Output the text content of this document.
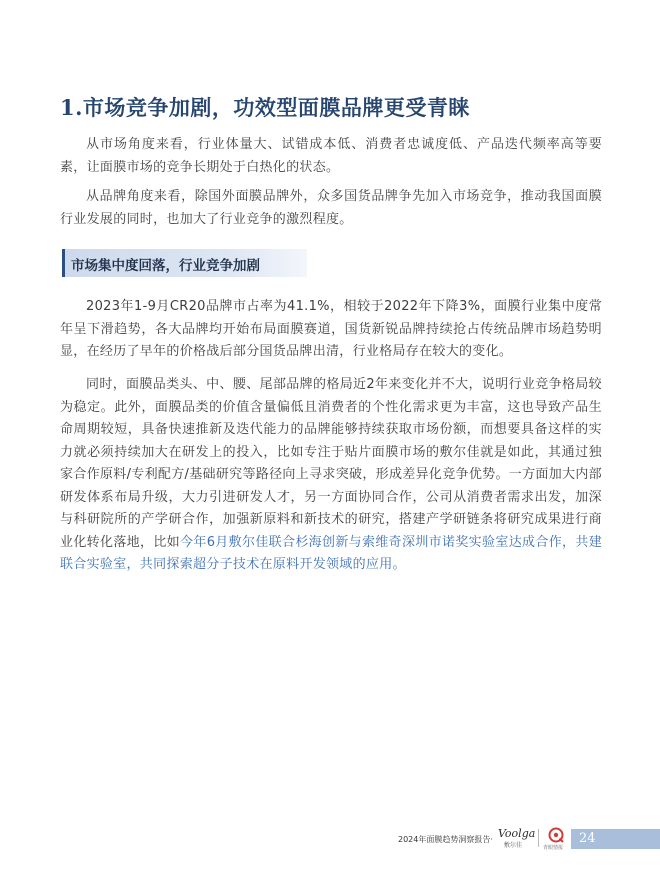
1.市场竞争加剧，功效型面膜品牌更受青睐

从市场角度来看，行业体量大、试错成本低、消费者忠诚度低、产品迭代频率高等要素，让面膜市场的竞争长期处于白热化的状态。

从品牌角度来看，除国外面膜品牌外，众多国货品牌争先加入市场竞争，推动我国面膜行业发展的同时，也加大了行业竞争的激烈程度。

市场集中度回落，行业竞争加剧

2023年1-9月CR20品牌市占率为41.1%，相较于2022年下降3%，面膜行业集中度常年呈下滑趋势，各大品牌均开始布局面膜赛道，国货新锐品牌持续抢占传统品牌市场趋势明显，在经历了早年的价格战后部分国货品牌出清，行业格局存在较大的变化。

同时，面膜品类头、中、腰、尾部品牌的格局近2年来变化并不大，说明行业竞争格局较为稳定。此外，面膜品类的价值含量偏低且消费者的个性化需求更为丰富，这也导致产品生命周期较短，具备快速推新及迭代能力的品牌能够持续获取市场份额，而想要具备这样的实力就必须持续加大在研发上的投入，比如专注于贴片面膜市场的敷尔佳就是如此，其通过独家合作原料/专利配方/基础研究等路径向上寻求突破，形成差异化竞争优势。一方面加大内部研发体系布局升级，大力引进研发人才，另一方面协同合作，公司从消费者需求出发，加深与科研院所的产学研合作，加强新原料和新技术的研究，搭建产学研链条将研究成果进行商业化转化落地，比如今年6月敷尔佳联合杉海创新与索维奇深圳市诺奖实验室达成合作，共建联合实验室，共同探索超分子技术在原料开发领域的应用。

2024年面膜趋势洞察报告· Voolga
敷尔佳	青眼情报
24
